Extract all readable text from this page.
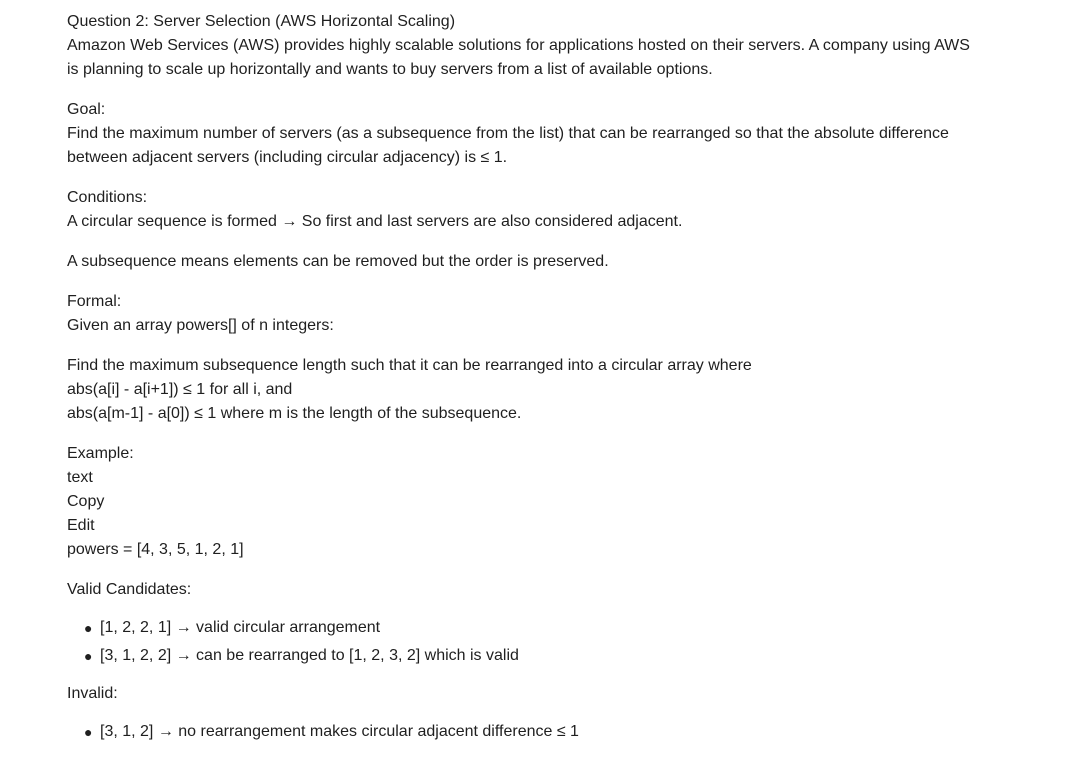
Question 2: Server Selection (AWS Horizontal Scaling)

Amazon Web Services (AWS) provides highly scalable solutions for applications hosted on their servers. A company using AWS

is planning to scale up horizontally and wants to buy servers from a list of available options.

Goal:

Find the maximum number of servers (as a subsequence from the list) that can be rearranged so that the absolute difference

between adjacent servers (including circular adjacency) is ≤ 1.

Conditions:

A circular sequence is formed → So first and last servers are also considered adjacent.

A subsequence means elements can be removed but the order is preserved.

Formal:

Given an array powers[] of n integers:

Find the maximum subsequence length such that it can be rearranged into a circular array where

abs(a[i] - a[i+1]) ≤ 1 for all i, and

abs(a[m-1] - a[0]) ≤ 1 where m is the length of the subsequence.

Example:

text

Copy

Edit

powers = [4, 3, 5, 1, 2, 1]

Valid Candidates:

● [1, 2, 2, 1] → valid circular arrangement
● [3, 1, 2, 2] → can be rearranged to [1, 2, 3, 2] which is valid

Invalid:

● [3, 1, 2] → no rearrangement makes circular adjacent difference ≤ 1
